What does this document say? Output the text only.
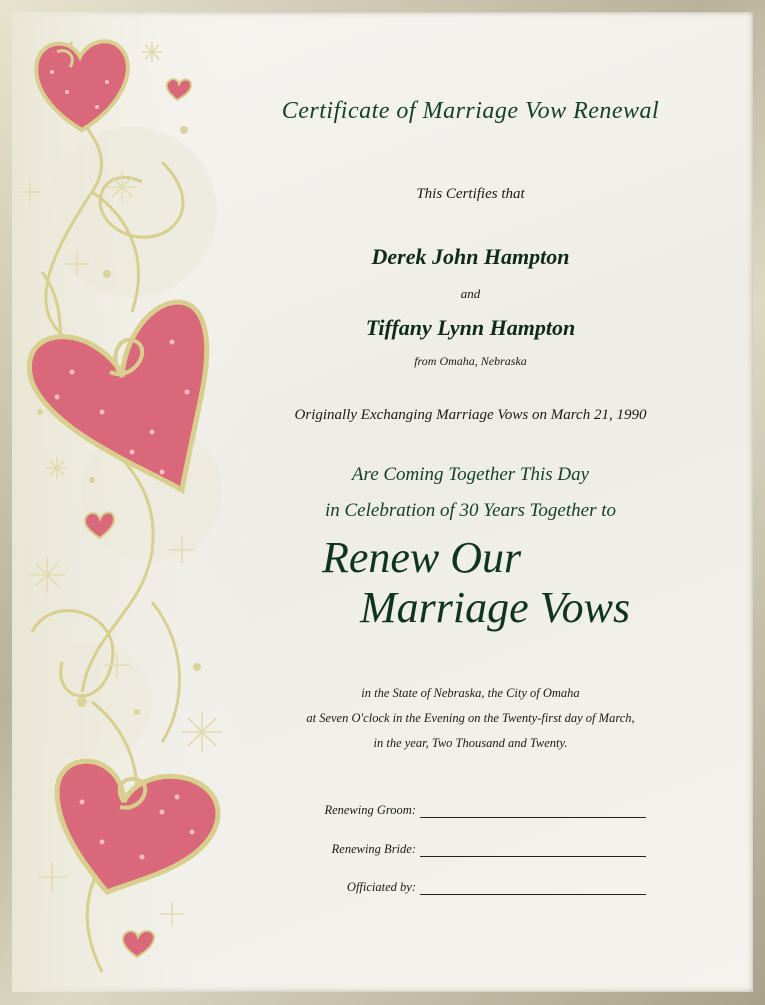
Certificate of Marriage Vow Renewal
This Certifies that
Derek John Hampton
and
Tiffany Lynn Hampton
from Omaha, Nebraska
Originally Exchanging Marriage Vows on March 21, 1990
Are Coming Together This Day
in Celebration of 30 Years Together to
Renew Our
Marriage Vows
in the State of Nebraska, the City of Omaha
at Seven O'clock in the Evening on the Twenty-first day of March,
in the year, Two Thousand and Twenty.
Renewing Groom:
Renewing Bride:
Officiated by:
